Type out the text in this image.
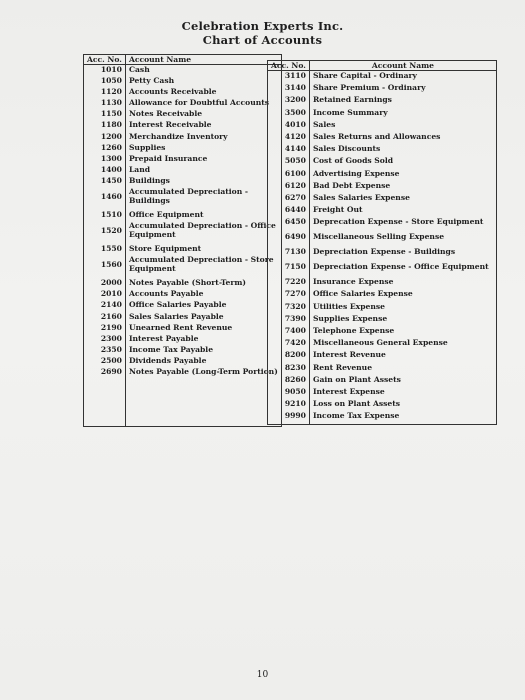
Celebration Experts Inc.
Chart of Accounts
Acc. No.	Account Name
1010	Cash
1050	Petty Cash
1120	Accounts Receivable
1130	Allowance for Doubtful Accounts
1150	Notes Receivable
1180	Interest Receivable
1200	Merchandize Inventory
1260	Supplies
1300	Prepaid Insurance
1400	Land
1450	Buildings
1460	Accumulated Depreciation - Buildings
1510	Office Equipment
1520	Accumulated Depreciation - Office Equipment
1550	Store Equipment
1560	Accumulated Depreciation - Store Equipment
2000	Notes Payable (Short-Term)
2010	Accounts Payable
2140	Office Salaries Payable
2160	Sales Salaries Payable
2190	Unearned Rent Revenue
2300	Interest Payable
2350	Income Tax Payable
2500	Dividends Payable
2690	Notes Payable (Long-Term Portion)
Acc. No.	Account Name
3110	Share Capital - Ordinary
3140	Share Premium - Ordinary
3200	Retained Earnings
3500	Income Summary
4010	Sales
4120	Sales Returns and Allowances
4140	Sales Discounts
5050	Cost of Goods Sold
6100	Advertising Expense
6120	Bad Debt Expense
6270	Sales Salaries Expense
6440	Freight Out
6450	Deprecation Expense - Store Equipment
6490	Miscellaneous Selling Expense
7130	Depreciation Expense - Buildings
7150	Depreciation Expense - Office Equipment
7220	Insurance Expense
7270	Office Salaries Expense
7320	Utilities Expense
7390	Supplies Expense
7400	Telephone Expense
7420	Miscellaneous General Expense
8200	Interest Revenue
8230	Rent Revenue
8260	Gain on Plant Assets
9050	Interest Expense
9210	Loss on Plant Assets
9990	Income Tax Expense
10
